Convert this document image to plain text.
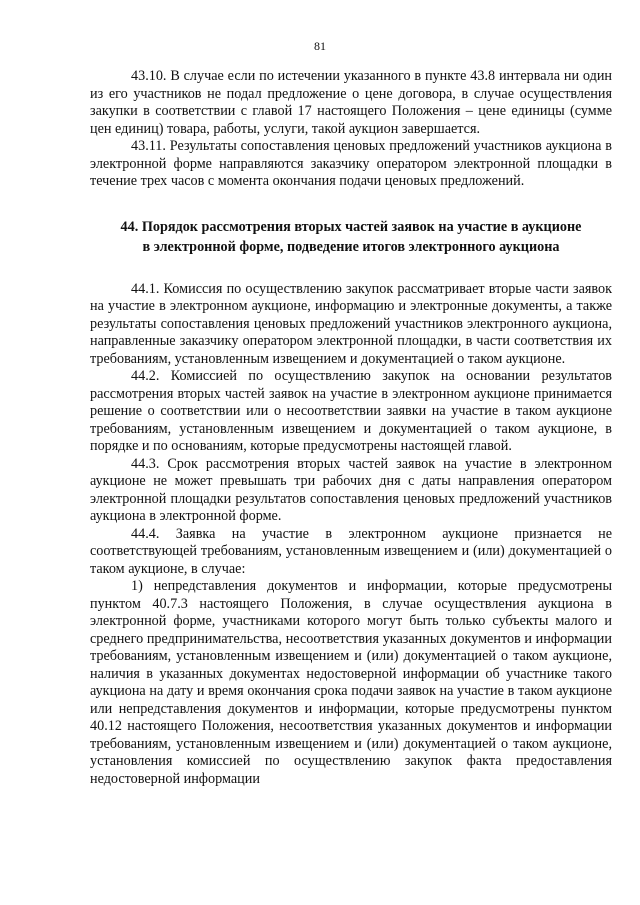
81

43.10. В случае если по истечении указанного в пункте 43.8 интервала ни один из его участников не подал предложение о цене договора, в случае осуществления закупки в соответствии с главой 17 настоящего Положения – цене единицы (сумме цен единиц) товара, работы, услуги, такой аукцион завершается.

43.11. Результаты сопоставления ценовых предложений участников аукциона в электронной форме направляются заказчику оператором электронной площадки в течение трех часов с момента окончания подачи ценовых предложений.

44. Порядок рассмотрения вторых частей заявок на участие в аукционе
в электронной форме, подведение итогов электронного аукциона

44.1. Комиссия по осуществлению закупок рассматривает вторые части заявок на участие в электронном аукционе, информацию и электронные документы, а также результаты сопоставления ценовых предложений участников электронного аукциона, направленные заказчику оператором электронной площадки, в части соответствия их требованиям, установленным извещением и документацией о таком аукционе.

44.2. Комиссией по осуществлению закупок на основании результатов рассмотрения вторых частей заявок на участие в электронном аукционе принимается решение о соответствии или о несоответствии заявки на участие в таком аукционе требованиям, установленным извещением и документацией о таком аукционе, в порядке и по основаниям, которые предусмотрены настоящей главой.

44.3. Срок рассмотрения вторых частей заявок на участие в электронном аукционе не может превышать три рабочих дня с даты направления оператором электронной площадки результатов сопоставления ценовых предложений участников аукциона в электронной форме.

44.4. Заявка на участие в электронном аукционе признается не соответствующей требованиям, установленным извещением и (или) документацией о таком аукционе, в случае:

1) непредставления документов и информации, которые предусмотрены пунктом 40.7.3 настоящего Положения, в случае осуществления аукциона в электронной форме, участниками которого могут быть только субъекты малого и среднего предпринимательства, несоответствия указанных документов и информации требованиям, установленным извещением и (или) документацией о таком аукционе, наличия в указанных документах недостоверной информации об участнике такого аукциона на дату и время окончания срока подачи заявок на участие в таком аукционе или непредставления документов и информации, которые предусмотрены пунктом 40.12 настоящего Положения, несоответствия указанных документов и информации требованиям, установленным извещением и (или) документацией о таком аукционе, установления комиссией по осуществлению закупок факта предоставления недостоверной информации
